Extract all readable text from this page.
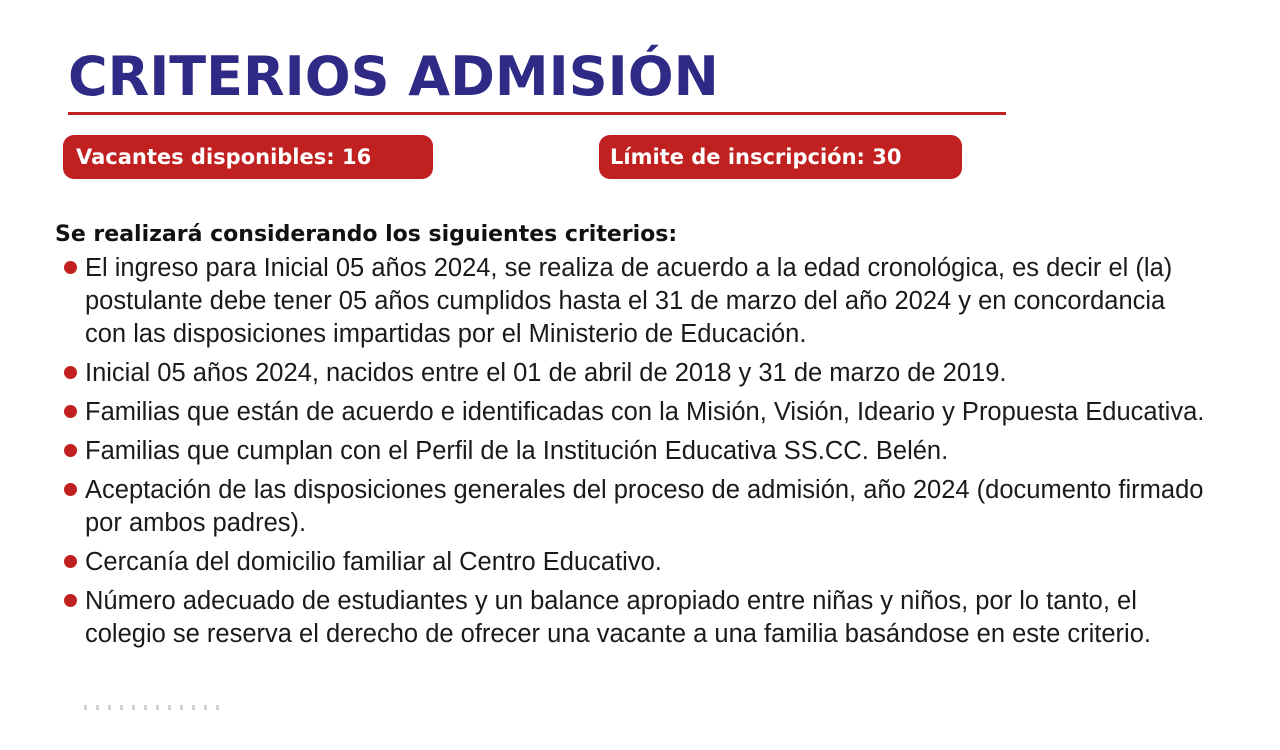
CRITERIOS ADMISIÓN
Vacantes disponibles: 16	Límite de inscripción: 30

Se realizará considerando los siguientes criterios:

El ingreso para Inicial 05 años 2024, se realiza de acuerdo a la edad cronológica, es decir el (la) postulante debe tener 05 años cumplidos hasta el 31 de marzo del año 2024 y en concordancia con las disposiciones impartidas por el Ministerio de Educación.
Inicial 05 años 2024, nacidos entre el 01 de abril de 2018 y 31 de marzo de 2019.
Familias que están de acuerdo e identificadas con la Misión, Visión, Ideario y Propuesta Educativa.
Familias que cumplan con el Perfil de la Institución Educativa SS.CC. Belén.
Aceptación de las disposiciones generales del proceso de admisión, año 2024 (documento firmado por ambos padres).
Cercanía del domicilio familiar al Centro Educativo.
Número adecuado de estudiantes y un balance apropiado entre niñas y niños, por lo tanto, el colegio se reserva el derecho de ofrecer una vacante a una familia basándose en este criterio.
